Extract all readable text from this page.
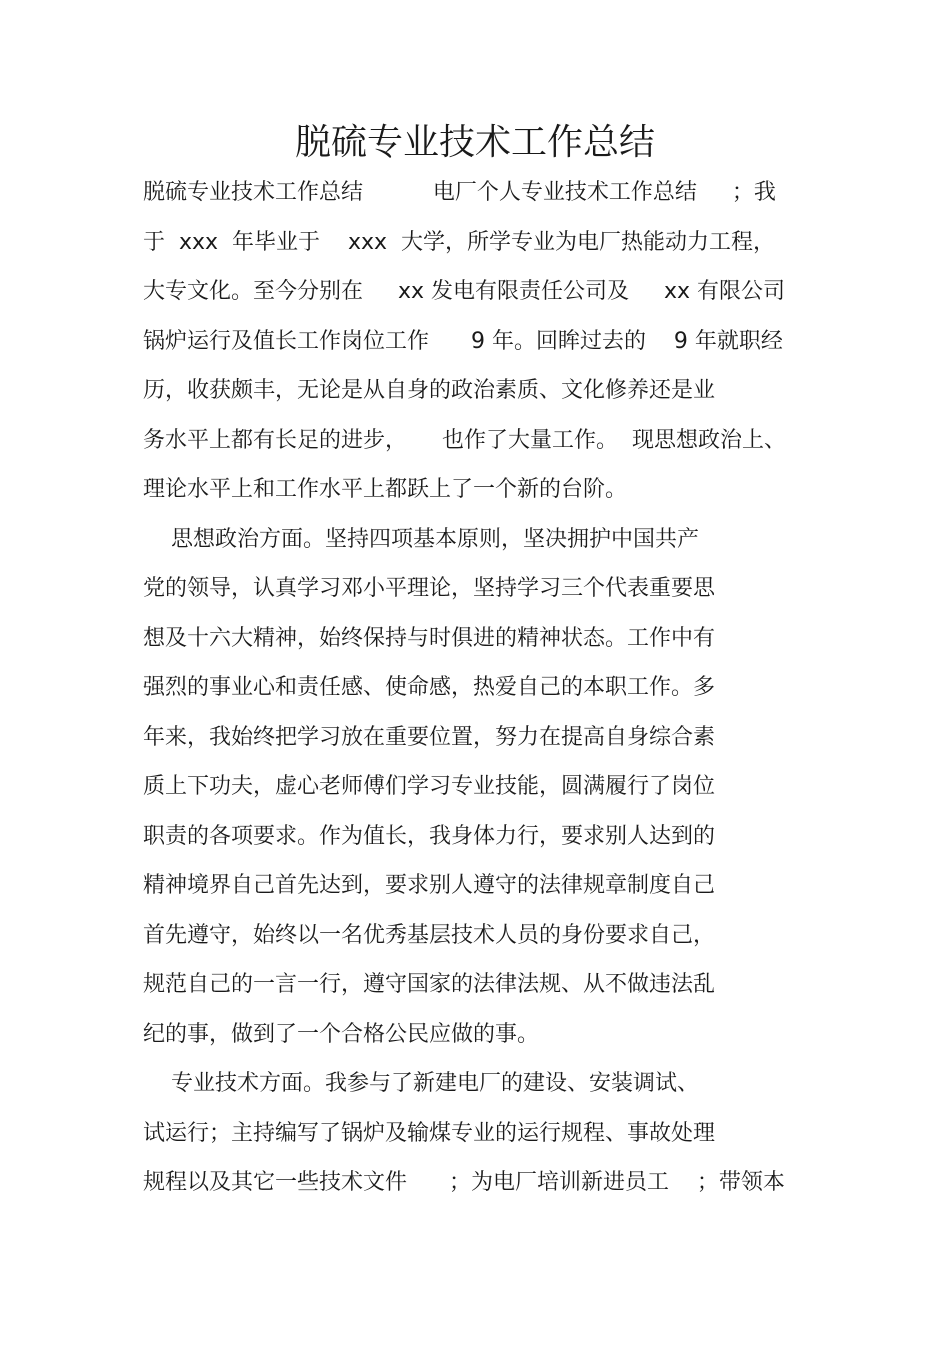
脱硫专业技术工作总结
脱硫专业技术工作总结          电厂个人专业技术工作总结     ；我
于  xxx  年毕业于    xxx  大学，所学专业为电厂热能动力工程，
大专文化。至今分别在     xx 发电有限责任公司及     xx 有限公司
锅炉运行及值长工作岗位工作      9 年。回眸过去的    9 年就职经
历，收获颇丰，无论是从自身的政治素质、文化修养还是业
务水平上都有长足的进步，     也作了大量工作。  现思想政治上、
理论水平上和工作水平上都跃上了一个新的台阶。
思想政治方面。坚持四项基本原则，坚决拥护中国共产
党的领导，认真学习邓小平理论，坚持学习三个代表重要思
想及十六大精神，始终保持与时俱进的精神状态。工作中有
强烈的事业心和责任感、使命感，热爱自己的本职工作。多
年来，我始终把学习放在重要位置，努力在提高自身综合素
质上下功夫，虚心老师傅们学习专业技能，圆满履行了岗位
职责的各项要求。作为值长，我身体力行，要求别人达到的
精神境界自己首先达到，要求别人遵守的法律规章制度自己
首先遵守，始终以一名优秀基层技术人员的身份要求自己，
规范自己的一言一行，遵守国家的法律法规、从不做违法乱
纪的事，做到了一个合格公民应做的事。
专业技术方面。我参与了新建电厂的建设、安装调试、
试运行；主持编写了锅炉及输煤专业的运行规程、事故处理
规程以及其它一些技术文件      ；为电厂培训新进员工    ；带领本
